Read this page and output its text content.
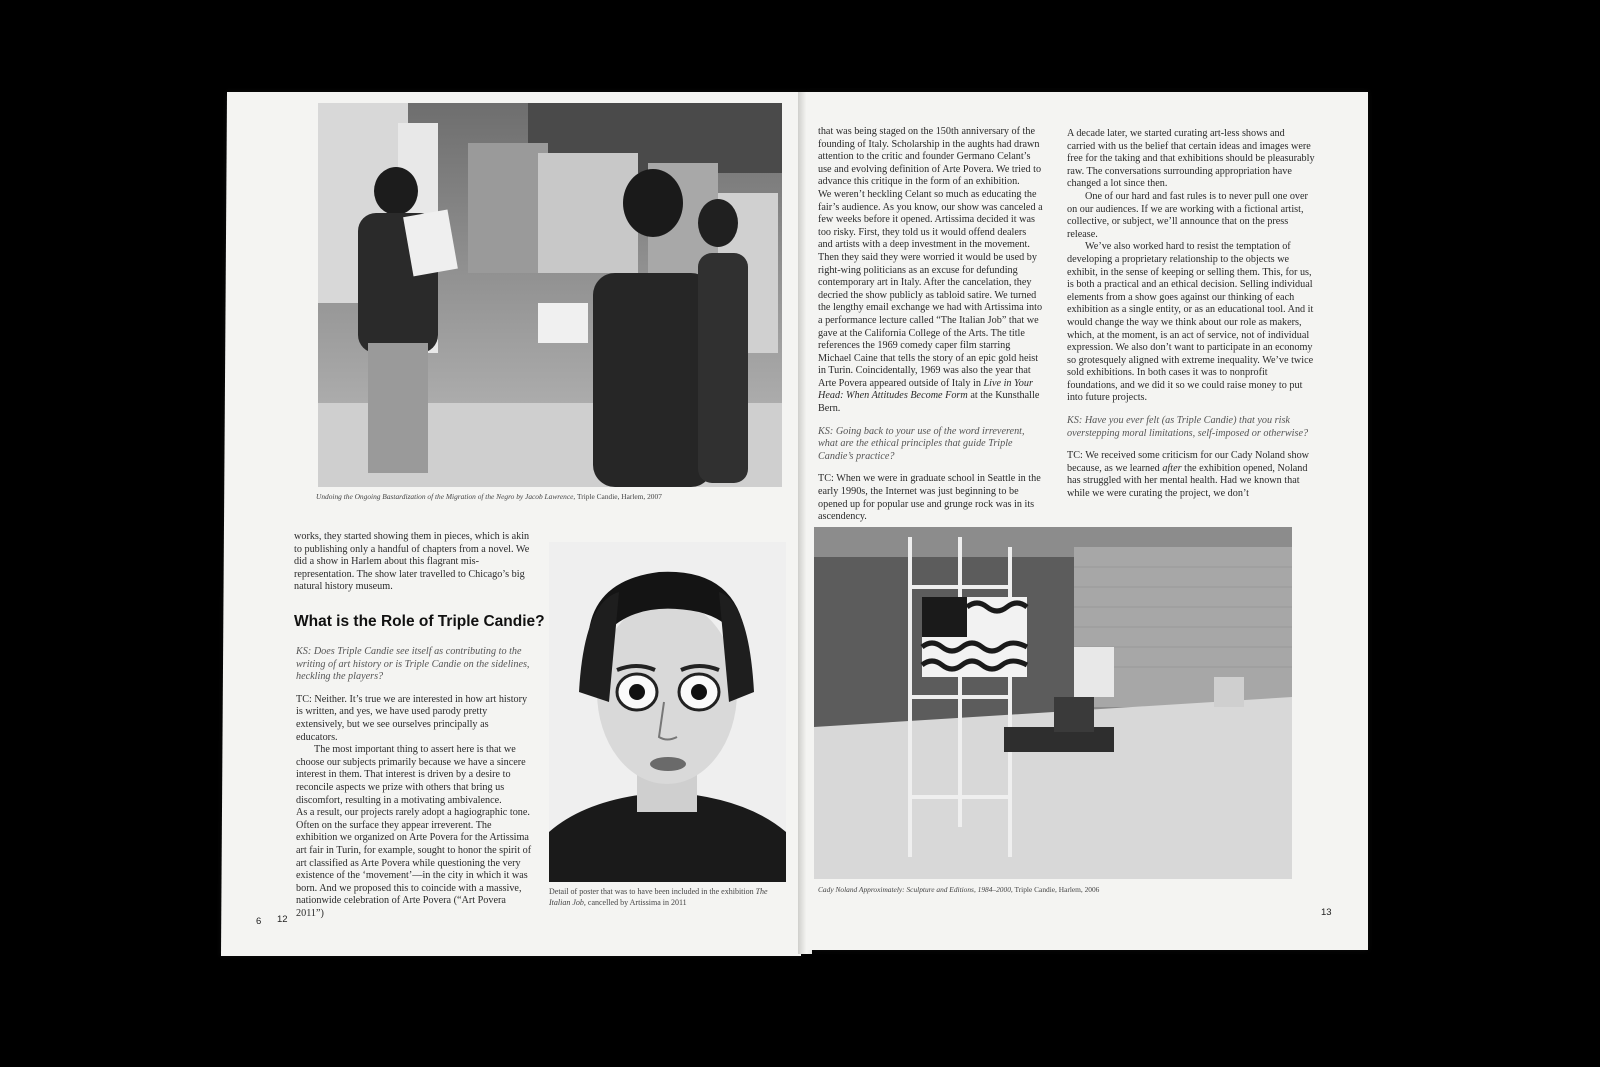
Undoing the Ongoing Bastardization of the Migration of the Negro by Jacob Lawrence, Triple Candie, Harlem, 2007

works, they started showing them in pieces, which is akin to publishing only a handful of chapters from a novel. We did a show in Harlem about this flagrant mis-representation. The show later travelled to Chicago’s big natural history museum.

What is the Role of Triple Candie?

KS: Does Triple Candie see itself as contributing to the writing of art history or is Triple Candie on the sidelines, heckling the players?

TC: Neither. It’s true we are interested in how art history is written, and yes, we have used parody pretty extensively, but we see ourselves principally as educators.

The most important thing to assert here is that we choose our subjects primarily because we have a sincere interest in them. That interest is driven by a desire to reconcile aspects we prize with others that bring us discomfort, resulting in a motivating ambivalence.

As a result, our projects rarely adopt a hagiographic tone. Often on the surface they appear irreverent. The exhibition we organized on Arte Povera for the Artissima art fair in Turin, for example, sought to honor the spirit of art classified as Arte Povera while questioning the very existence of the ‘movement’—in the city in which it was born. And we proposed this to coincide with a massive, nationwide celebration of Arte Povera (“Art Povera 2011”)

Detail of poster that was to have been included in the exhibition The Italian Job, cancelled by Artissima in 2011
6 12

that was being staged on the 150th anniversary of the founding of Italy. Scholarship in the aughts had drawn attention to the critic and founder Germano Celant’s use and evolving definition of Arte Povera. We tried to advance this critique in the form of an exhibition.

We weren’t heckling Celant so much as educating the fair’s audience. As you know, our show was canceled a few weeks before it opened. Artissima decided it was too risky. First, they told us it would offend dealers and artists with a deep investment in the movement. Then they said they were worried it would be used by right-wing politicians as an excuse for defunding contemporary art in Italy. After the cancelation, they decried the show publicly as tabloid satire. We turned the lengthy email exchange we had with Artissima into a performance lecture called “The Italian Job” that we gave at the California College of the Arts. The title references the 1969 comedy caper film starring Michael Caine that tells the story of an epic gold heist in Turin. Coincidentally, 1969 was also the year that Arte Povera appeared outside of Italy in Live in Your Head: When Attitudes Become Form at the Kunsthalle Bern.

KS: Going back to your use of the word irreverent, what are the ethical principles that guide Triple Candie’s practice?

TC: When we were in graduate school in Seattle in the early 1990s, the Internet was just beginning to be opened up for popular use and grunge rock was in its ascendency.

A decade later, we started curating art-less shows and carried with us the belief that certain ideas and images were free for the taking and that exhibitions should be pleasurably raw. The conversations surrounding appropriation have changed a lot since then.

One of our hard and fast rules is to never pull one over on our audiences. If we are working with a fictional artist, collective, or subject, we’ll announce that on the press release.

We’ve also worked hard to resist the temptation of developing a proprietary relationship to the objects we exhibit, in the sense of keeping or selling them. This, for us, is both a practical and an ethical decision. Selling individual elements from a show goes against our thinking of each exhibition as a single entity, or as an educational tool. And it would change the way we think about our role as makers, which, at the moment, is an act of service, not of individual expression. We also don’t want to participate in an economy so grotesquely aligned with extreme inequality. We’ve twice sold exhibitions. In both cases it was to nonprofit foundations, and we did it so we could raise money to put into future projects.

KS: Have you ever felt (as Triple Candie) that you risk overstepping moral limitations, self-imposed or otherwise?

TC: We received some criticism for our Cady Noland show because, as we learned after the exhibition opened, Noland has struggled with her mental health. Had we known that while we were curating the project, we don’t

Cady Noland Approximately: Sculpture and Editions, 1984–2000, Triple Candie, Harlem, 2006
13
